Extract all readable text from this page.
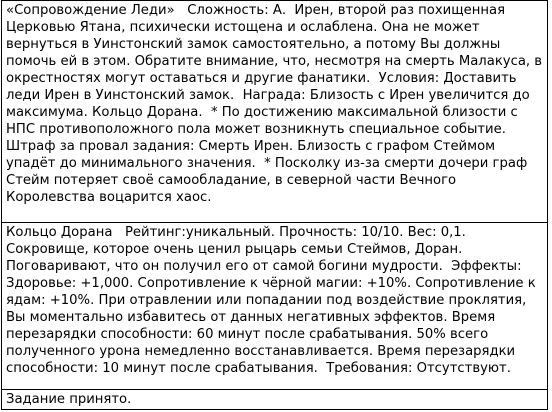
«Сопровождение Леди»   Сложность: А.  Ирен, второй раз похищенная Церковью Ятана, психически истощена и ослаблена. Она не может вернуться в Уинстонский замок самостоятельно, а потому Вы должны помочь ей в этом. Обратите внимание, что, несмотря на смерть Малакуса, в окрестностях могут оставаться и другие фанатики.  Условия: Доставить леди Ирен в Уинстонский замок.  Награда: Близость с Ирен увеличится до максимума. Кольцо Дорана.  * По достижению максимальной близости с НПС противоположного пола может возникнуть специальное событие.  Штраф за провал задания: Смерть Ирен. Близость с графом Стеймом упадёт до минимального значения.  * Посколку из-за смерти дочери граф Стейм потеряет своё самообладание, в северной части Вечного Королевства воцарится хаос.
Кольцо Дорана   Рейтинг:уникальный. Прочность: 10/10. Вес: 0,1. Сокровище, которое очень ценил рыцарь семьи Стеймов, Доран. Поговаривают, что он получил его от самой богини мудрости.  Эффекты: Здоровье: +1,000. Сопротивление к чёрной магии: +10%. Сопротивление к ядам: +10%. При отравлении или попадании под воздействие проклятия, Вы моментально избавитесь от данных негативных эффектов. Время перезарядки способности: 60 минут после срабатывания. 50% всего полученного урона немедленно восстанавливается. Время перезарядки способности: 10 минут после срабатывания.  Требования: Отсутствуют.
Задание принято.
